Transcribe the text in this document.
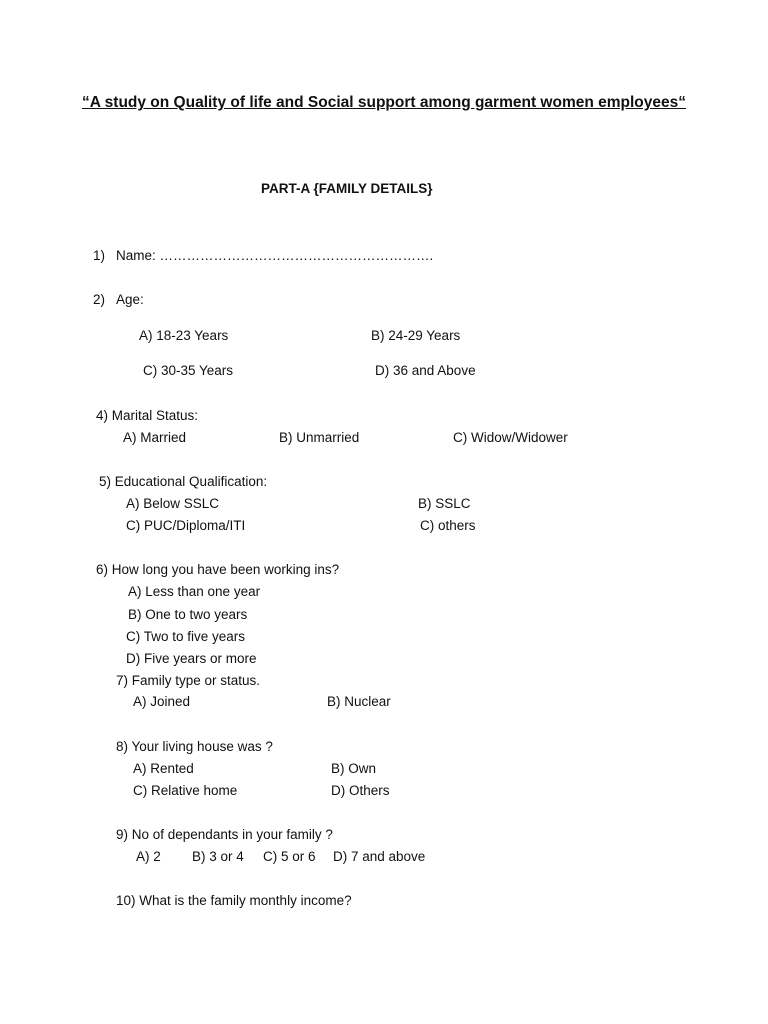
“A study on Quality of life and Social support among garment women employees“
PART-A {FAMILY DETAILS}
1) Name: …………………………………………………….
2) Age:
A) 18-23 Years	B) 24-29 Years
C) 30-35 Years	D) 36 and Above
4) Marital Status:
A) Married	B) Unmarried	C) Widow/Widower
5) Educational Qualification:
A) Below SSLC	B) SSLC
C) PUC/Diploma/ITI	C) others
6) How long you have been working ins?
A) Less than one year
B) One to two years
C) Two to five years
D) Five years or more
7) Family type or status.
A) Joined	B) Nuclear
8) Your living house was ?
A) Rented	B) Own
C) Relative home	D) Others
9) No of dependants in your family ?
A) 2 B) 3 or 4 C) 5 or 6 D) 7 and above
10) What is the family monthly income?
